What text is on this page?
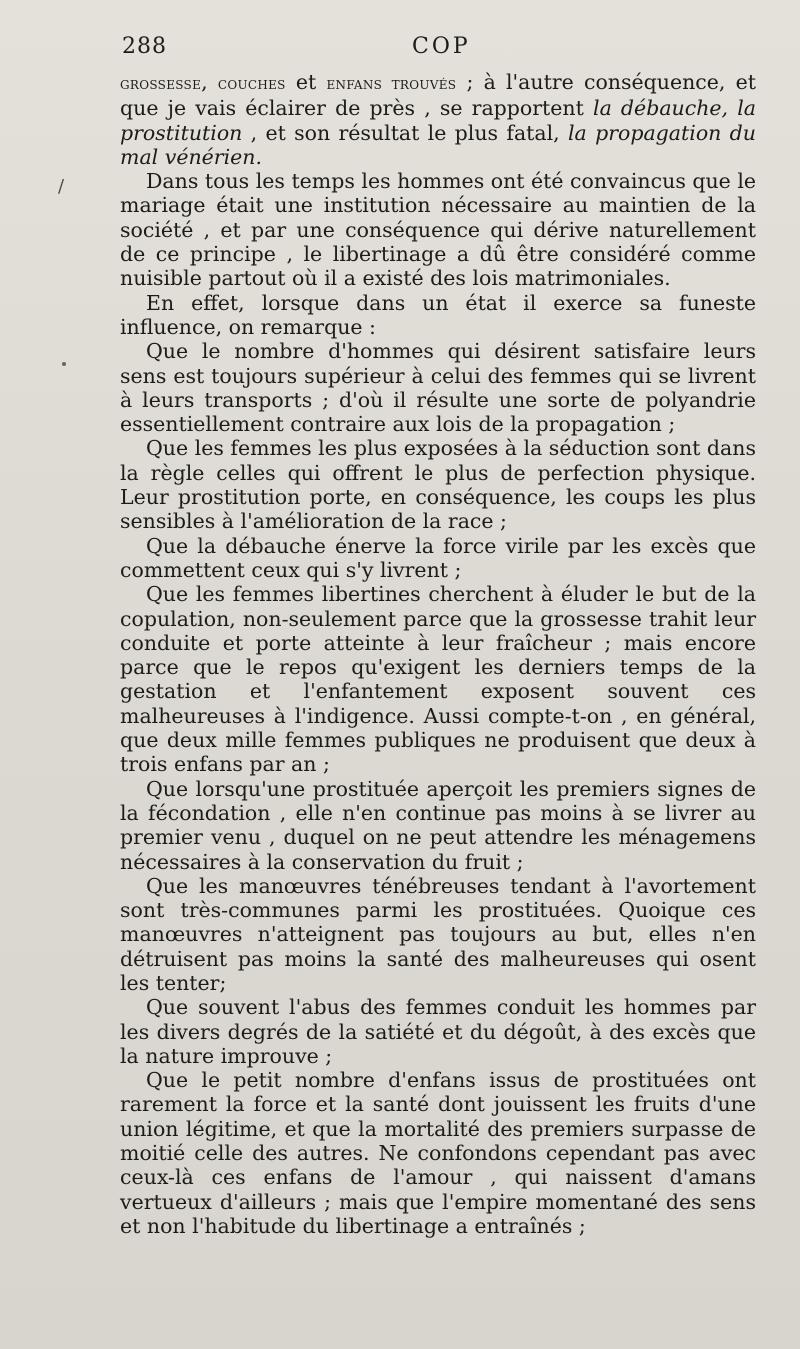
288	COP
/

grossesse, couches et enfans trouvés ; à l'autre conséquence, et que je vais éclairer de près , se rapportent la débauche, la prostitution , et son résultat le plus fatal, la propagation du mal vénérien.

Dans tous les temps les hommes ont été convaincus que le mariage était une institution nécessaire au maintien de la société , et par une conséquence qui dérive naturellement de ce principe , le libertinage a dû être considéré comme nuisible partout où il a existé des lois matrimoniales.

En effet, lorsque dans un état il exerce sa funeste influence, on remarque :

Que le nombre d'hommes qui désirent satisfaire leurs sens est toujours supérieur à celui des femmes qui se livrent à leurs transports ; d'où il résulte une sorte de polyandrie essentiellement contraire aux lois de la propagation ;

Que les femmes les plus exposées à la séduction sont dans la règle celles qui offrent le plus de perfection physique. Leur prostitution porte, en conséquence, les coups les plus sensibles à l'amélioration de la race ;

Que la débauche énerve la force virile par les excès que commettent ceux qui s'y livrent ;

Que les femmes libertines cherchent à éluder le but de la copulation, non-seulement parce que la grossesse trahit leur conduite et porte atteinte à leur fraîcheur ; mais encore parce que le repos qu'exigent les derniers temps de la gestation et l'enfantement exposent souvent ces malheureuses à l'indigence. Aussi compte-t-on , en général, que deux mille femmes publiques ne produisent que deux à trois enfans par an ;

Que lorsqu'une prostituée aperçoit les premiers signes de la fécondation , elle n'en continue pas moins à se livrer au premier venu , duquel on ne peut attendre les ménagemens nécessaires à la conservation du fruit ;

Que les manœuvres ténébreuses tendant à l'avortement sont très-communes parmi les prostituées. Quoique ces manœuvres n'atteignent pas toujours au but, elles n'en détruisent pas moins la santé des malheureuses qui osent les tenter;

Que souvent l'abus des femmes conduit les hommes par les divers degrés de la satiété et du dégoût, à des excès que la nature improuve ;

Que le petit nombre d'enfans issus de prostituées ont rarement la force et la santé dont jouissent les fruits d'une union légitime, et que la mortalité des premiers surpasse de moitié celle des autres. Ne confondons cependant pas avec ceux-là ces enfans de l'amour , qui naissent d'amans vertueux d'ailleurs ; mais que l'empire momentané des sens et non l'habitude du libertinage a entraînés ;
